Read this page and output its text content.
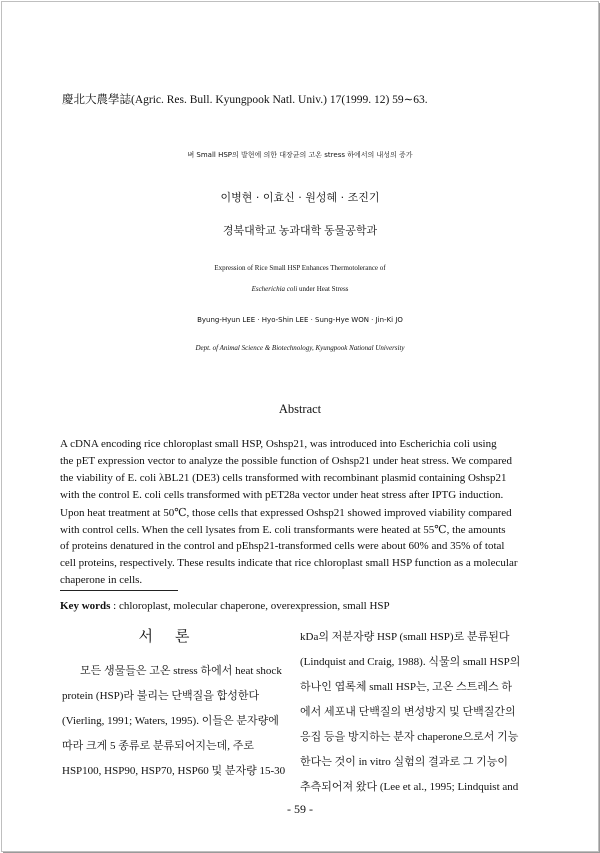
慶北大農學誌(Agric. Res. Bull. Kyungpook Natl. Univ.) 17(1999. 12) 59∼63.
벼 Small HSP의 발현에 의한 대장균의 고온 stress 하에서의 내성의 증가
이병현 · 이효신 · 원성혜 · 조진기
경북대학교 농과대학 동물공학과
Expression of Rice Small HSP Enhances Thermotolerance of
Escherichia coli under Heat Stress
Byung-Hyun LEE · Hyo-Shin LEE · Sung-Hye WON · Jin-Ki JO
Dept. of Animal Science & Biotechnology, Kyungpook National University
Abstract
A cDNA encoding rice chloroplast small HSP, Oshsp21, was introduced into Escherichia coli using
the pET expression vector to analyze the possible function of Oshsp21 under heat stress. We compared
the viability of E. coli λBL21 (DE3) cells transformed with recombinant plasmid containing Oshsp21
with the control E. coli cells transformed with pET28a vector under heat stress after IPTG induction.
Upon heat treatment at 50℃, those cells that expressed Oshsp21 showed improved viability compared
with control cells. When the cell lysates from E. coli transformants were heated at 55℃, the amounts
of proteins denatured in the control and pEhsp21-transformed cells were about 60% and 35% of total
cell proteins, respectively. These results indicate that rice chloroplast small HSP function as a molecular
chaperone in cells.
Key words : chloroplast, molecular chaperone, overexpression, small HSP
서론
모든 생물들은 고온 stress 하에서 heat shock
protein (HSP)라 불리는 단백질을 합성한다
(Vierling, 1991; Waters, 1995). 이들은 분자량에
따라 크게 5 종류로 분류되어지는데, 주로
HSP100, HSP90, HSP70, HSP60 및 분자량 15-30
kDa의 저분자량 HSP (small HSP)로 분류된다
(Lindquist and Craig, 1988). 식물의 small HSP의
하나인 엽록체 small HSP는, 고온 스트레스 하
에서 세포내 단백질의 변성방지 및 단백질간의
응집 등을 방지하는 분자 chaperone으로서 기능
한다는 것이 in vitro 실험의 결과로 그 기능이
추측되어져 왔다 (Lee et al., 1995; Lindquist and
- 59 -
